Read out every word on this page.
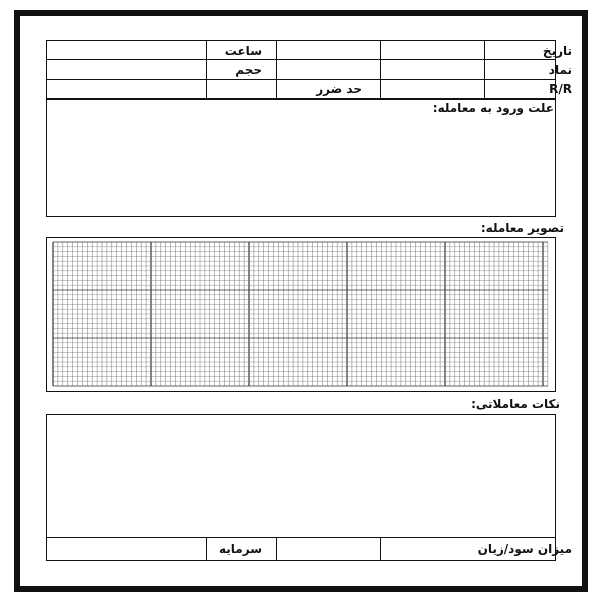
تاریخ
ساعت
نماد
حجم
R/R
حد ضرر
علت ورود به معامله:
تصویر معامله:
نکات معاملاتی:
میزان سود/زیان
سرمایه
